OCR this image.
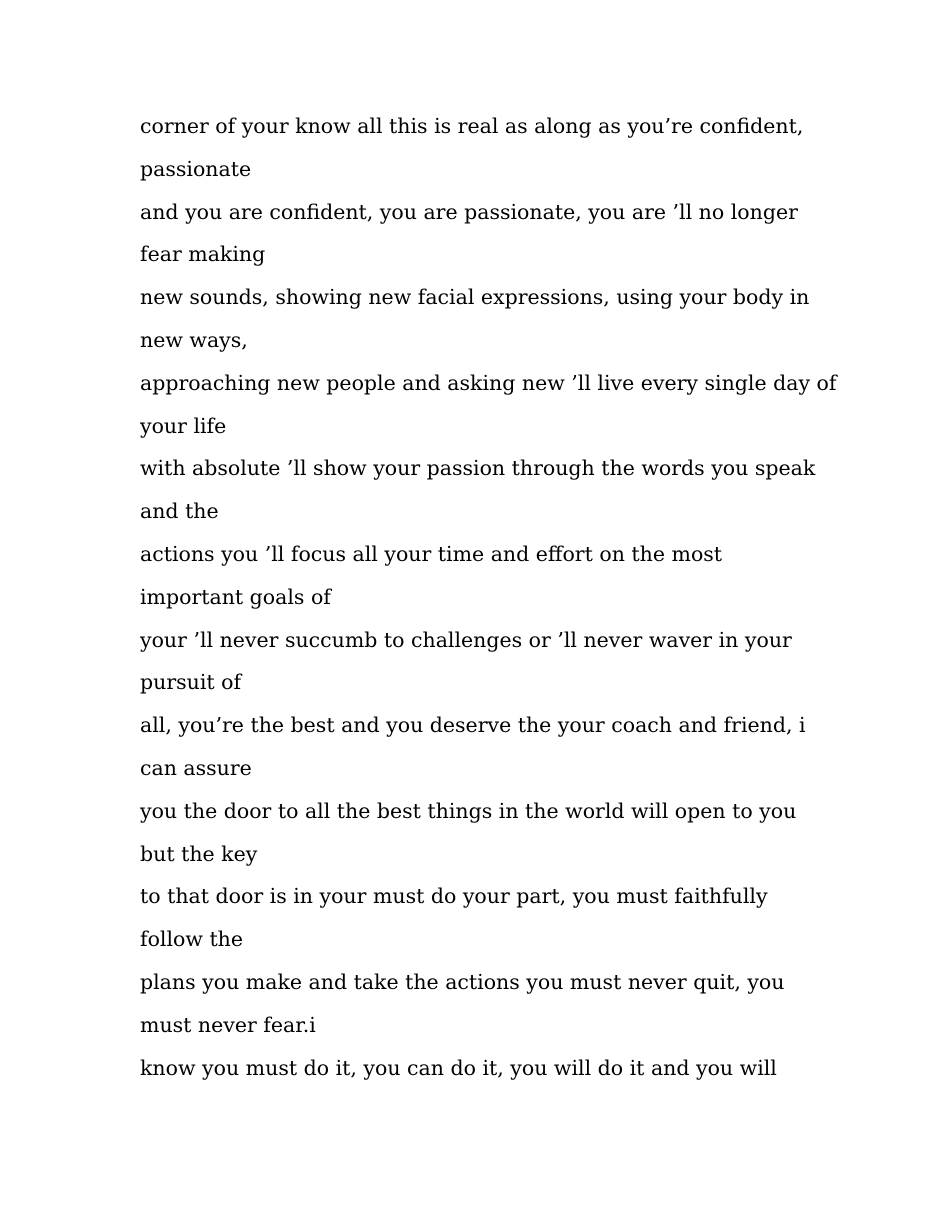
corner of your know all this is real as along as you’re confident,
passionate
and you are confident, you are passionate, you are ’ll no longer
fear making
new sounds, showing new facial expressions, using your body in
new ways,
approaching new people and asking new ’ll live every single day of
your life
with absolute ’ll show your passion through the words you speak
and the
actions you ’ll focus all your time and effort on the most
important goals of
your ’ll never succumb to challenges or ’ll never waver in your
pursuit of
all, you’re the best and you deserve the your coach and friend, i
can assure
you the door to all the best things in the world will open to you
but the key
to that door is in your must do your part, you must faithfully
follow the
plans you make and take the actions you must never quit, you
must never fear.i
know you must do it, you can do it, you will do it and you will
